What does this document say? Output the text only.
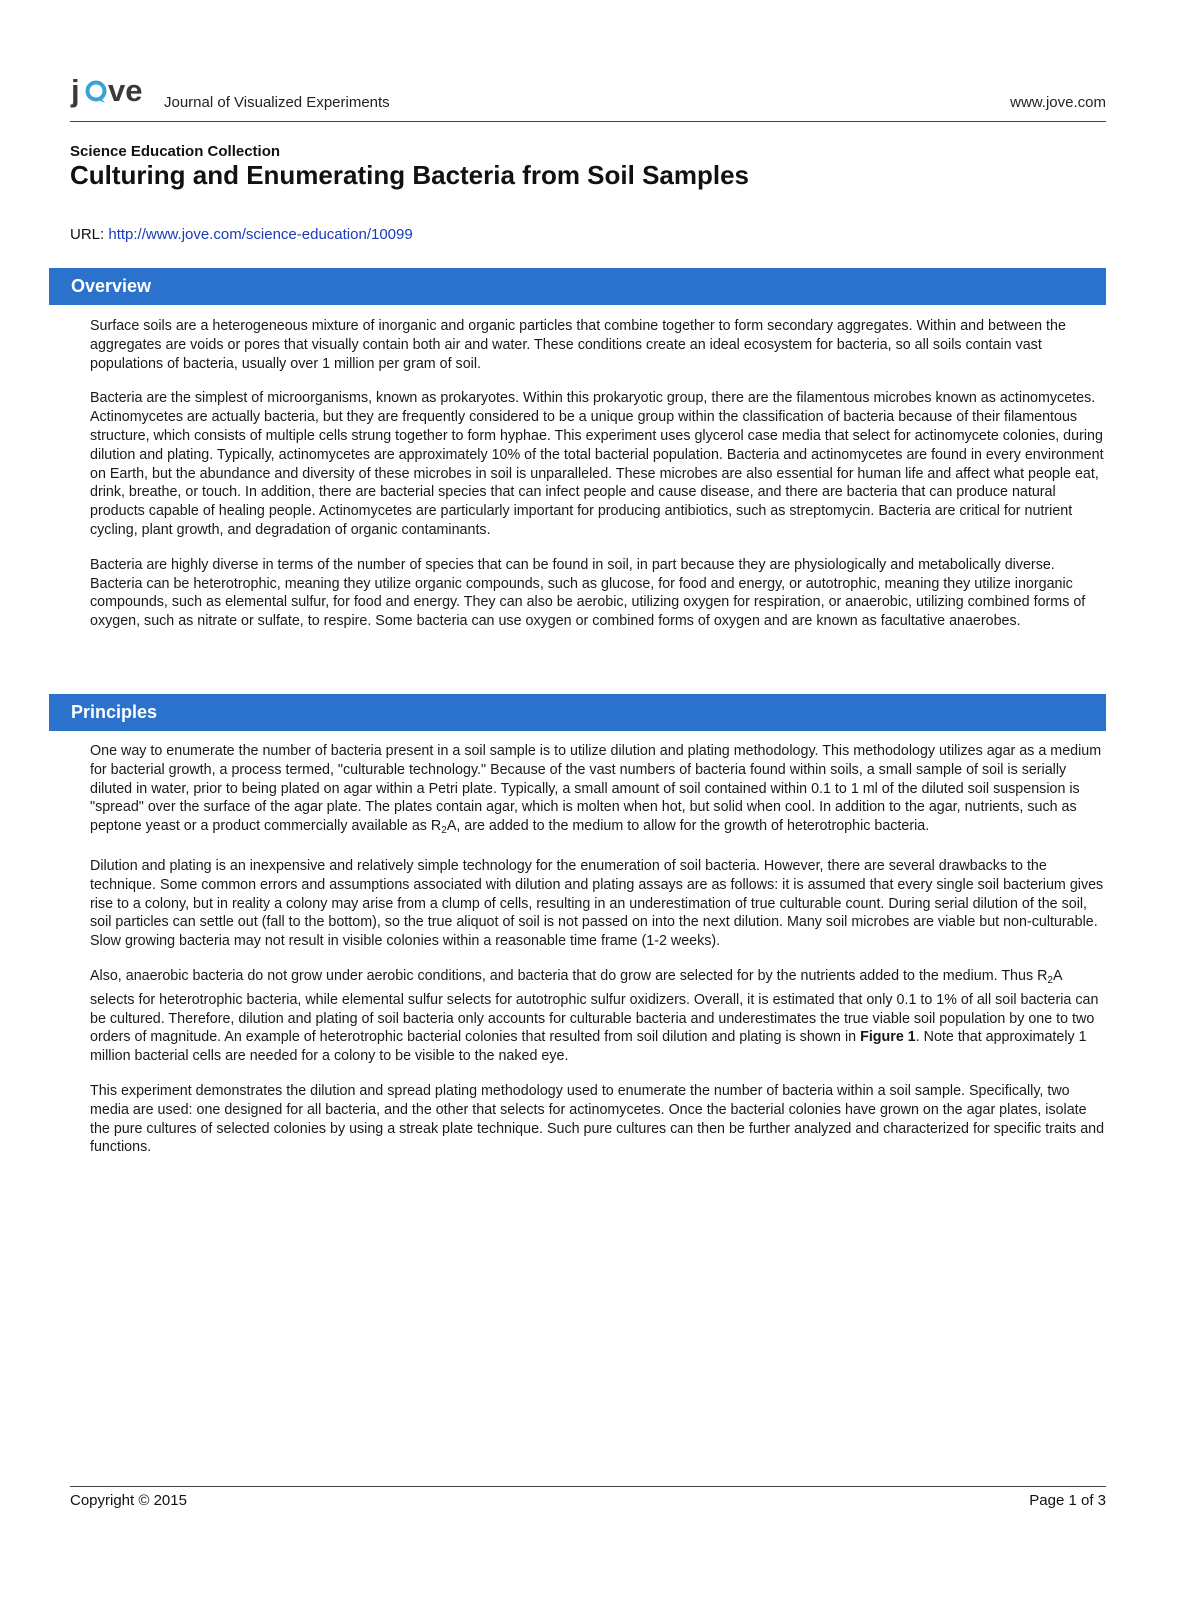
j ve Journal of Visualized Experiments	www.jove.com
Science Education Collection
Culturing and Enumerating Bacteria from Soil Samples
URL: http://www.jove.com/science-education/10099
Overview

Surface soils are a heterogeneous mixture of inorganic and organic particles that combine together to form secondary aggregates. Within and between the aggregates are voids or pores that visually contain both air and water. These conditions create an ideal ecosystem for bacteria, so all soils contain vast populations of bacteria, usually over 1 million per gram of soil.

Bacteria are the simplest of microorganisms, known as prokaryotes. Within this prokaryotic group, there are the filamentous microbes known as actinomycetes. Actinomycetes are actually bacteria, but they are frequently considered to be a unique group within the classification of bacteria because of their filamentous structure, which consists of multiple cells strung together to form hyphae. This experiment uses glycerol case media that select for actinomycete colonies, during dilution and plating. Typically, actinomycetes are approximately 10% of the total bacterial population. Bacteria and actinomycetes are found in every environment on Earth, but the abundance and diversity of these microbes in soil is unparalleled. These microbes are also essential for human life and affect what people eat, drink, breathe, or touch. In addition, there are bacterial species that can infect people and cause disease, and there are bacteria that can produce natural products capable of healing people. Actinomycetes are particularly important for producing antibiotics, such as streptomycin. Bacteria are critical for nutrient cycling, plant growth, and degradation of organic contaminants.

Bacteria are highly diverse in terms of the number of species that can be found in soil, in part because they are physiologically and metabolically diverse. Bacteria can be heterotrophic, meaning they utilize organic compounds, such as glucose, for food and energy, or autotrophic, meaning they utilize inorganic compounds, such as elemental sulfur, for food and energy. They can also be aerobic, utilizing oxygen for respiration, or anaerobic, utilizing combined forms of oxygen, such as nitrate or sulfate, to respire. Some bacteria can use oxygen or combined forms of oxygen and are known as facultative anaerobes.

Principles

One way to enumerate the number of bacteria present in a soil sample is to utilize dilution and plating methodology. This methodology utilizes agar as a medium for bacterial growth, a process termed, "culturable technology." Because of the vast numbers of bacteria found within soils, a small sample of soil is serially diluted in water, prior to being plated on agar within a Petri plate. Typically, a small amount of soil contained within 0.1 to 1 ml of the diluted soil suspension is "spread" over the surface of the agar plate. The plates contain agar, which is molten when hot, but solid when cool. In addition to the agar, nutrients, such as peptone yeast or a product commercially available as $R_2A$, are added to the medium to allow for the growth of heterotrophic bacteria.

Dilution and plating is an inexpensive and relatively simple technology for the enumeration of soil bacteria. However, there are several drawbacks to the technique. Some common errors and assumptions associated with dilution and plating assays are as follows: it is assumed that every single soil bacterium gives rise to a colony, but in reality a colony may arise from a clump of cells, resulting in an underestimation of true culturable count. During serial dilution of the soil, soil particles can settle out (fall to the bottom), so the true aliquot of soil is not passed on into the next dilution. Many soil microbes are viable but non-culturable. Slow growing bacteria may not result in visible colonies within a reasonable time frame (1-2 weeks).

Also, anaerobic bacteria do not grow under aerobic conditions, and bacteria that do grow are selected for by the nutrients added to the medium. Thus $R_2A$ selects for heterotrophic bacteria, while elemental sulfur selects for autotrophic sulfur oxidizers. Overall, it is estimated that only 0.1 to 1% of all soil bacteria can be cultured. Therefore, dilution and plating of soil bacteria only accounts for culturable bacteria and underestimates the true viable soil population by one to two orders of magnitude. An example of heterotrophic bacterial colonies that resulted from soil dilution and plating is shown in Figure 1. Note that approximately 1 million bacterial cells are needed for a colony to be visible to the naked eye.

This experiment demonstrates the dilution and spread plating methodology used to enumerate the number of bacteria within a soil sample. Specifically, two media are used: one designed for all bacteria, and the other that selects for actinomycetes. Once the bacterial colonies have grown on the agar plates, isolate the pure cultures of selected colonies by using a streak plate technique. Such pure cultures can then be further analyzed and characterized for specific traits and functions.

Copyright © 2015	Page 1 of 3
